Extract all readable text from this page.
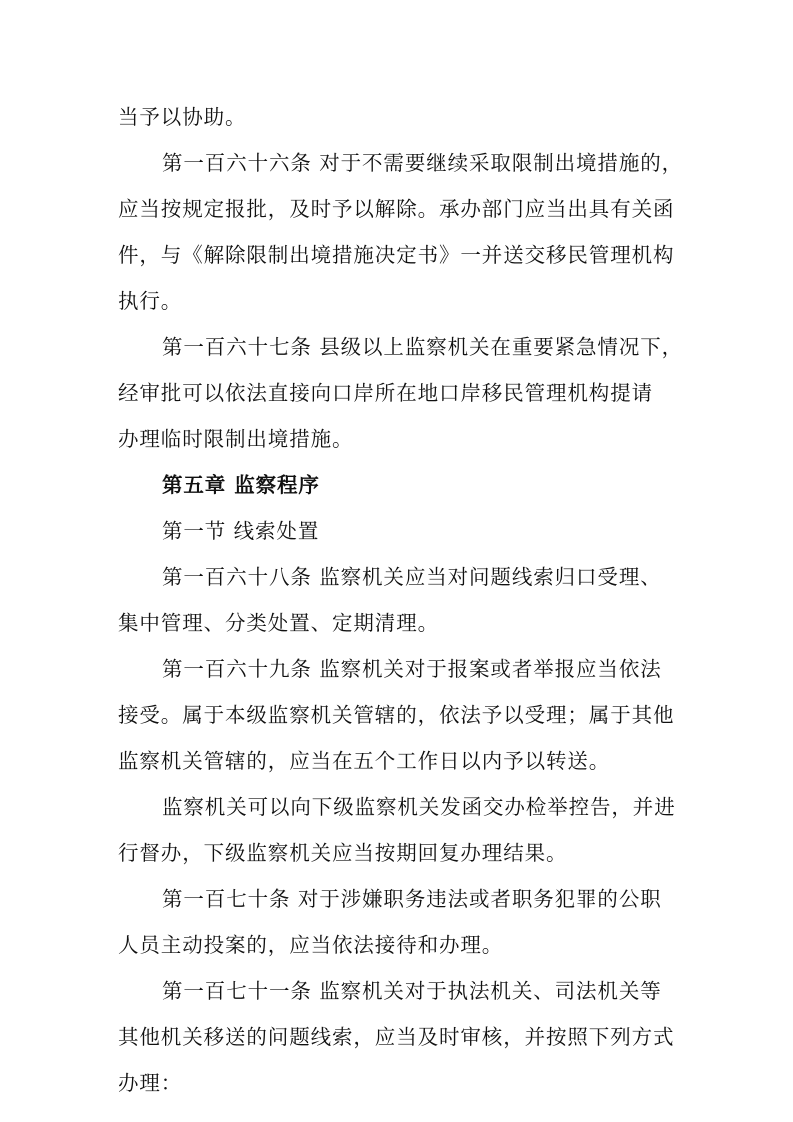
当予以协助。
第一百六十六条 对于不需要继续采取限制出境措施的，
应当按规定报批，及时予以解除。承办部门应当出具有关函
件，与《解除限制出境措施决定书》一并送交移民管理机构
执行。
第一百六十七条 县级以上监察机关在重要紧急情况下，
经审批可以依法直接向口岸所在地口岸移民管理机构提请
办理临时限制出境措施。
第五章 监察程序
第一节 线索处置
第一百六十八条 监察机关应当对问题线索归口受理、
集中管理、分类处置、定期清理。
第一百六十九条 监察机关对于报案或者举报应当依法
接受。属于本级监察机关管辖的，依法予以受理；属于其他
监察机关管辖的，应当在五个工作日以内予以转送。
监察机关可以向下级监察机关发函交办检举控告，并进
行督办，下级监察机关应当按期回复办理结果。
第一百七十条 对于涉嫌职务违法或者职务犯罪的公职
人员主动投案的，应当依法接待和办理。
第一百七十一条 监察机关对于执法机关、司法机关等
其他机关移送的问题线索，应当及时审核，并按照下列方式
办理：
